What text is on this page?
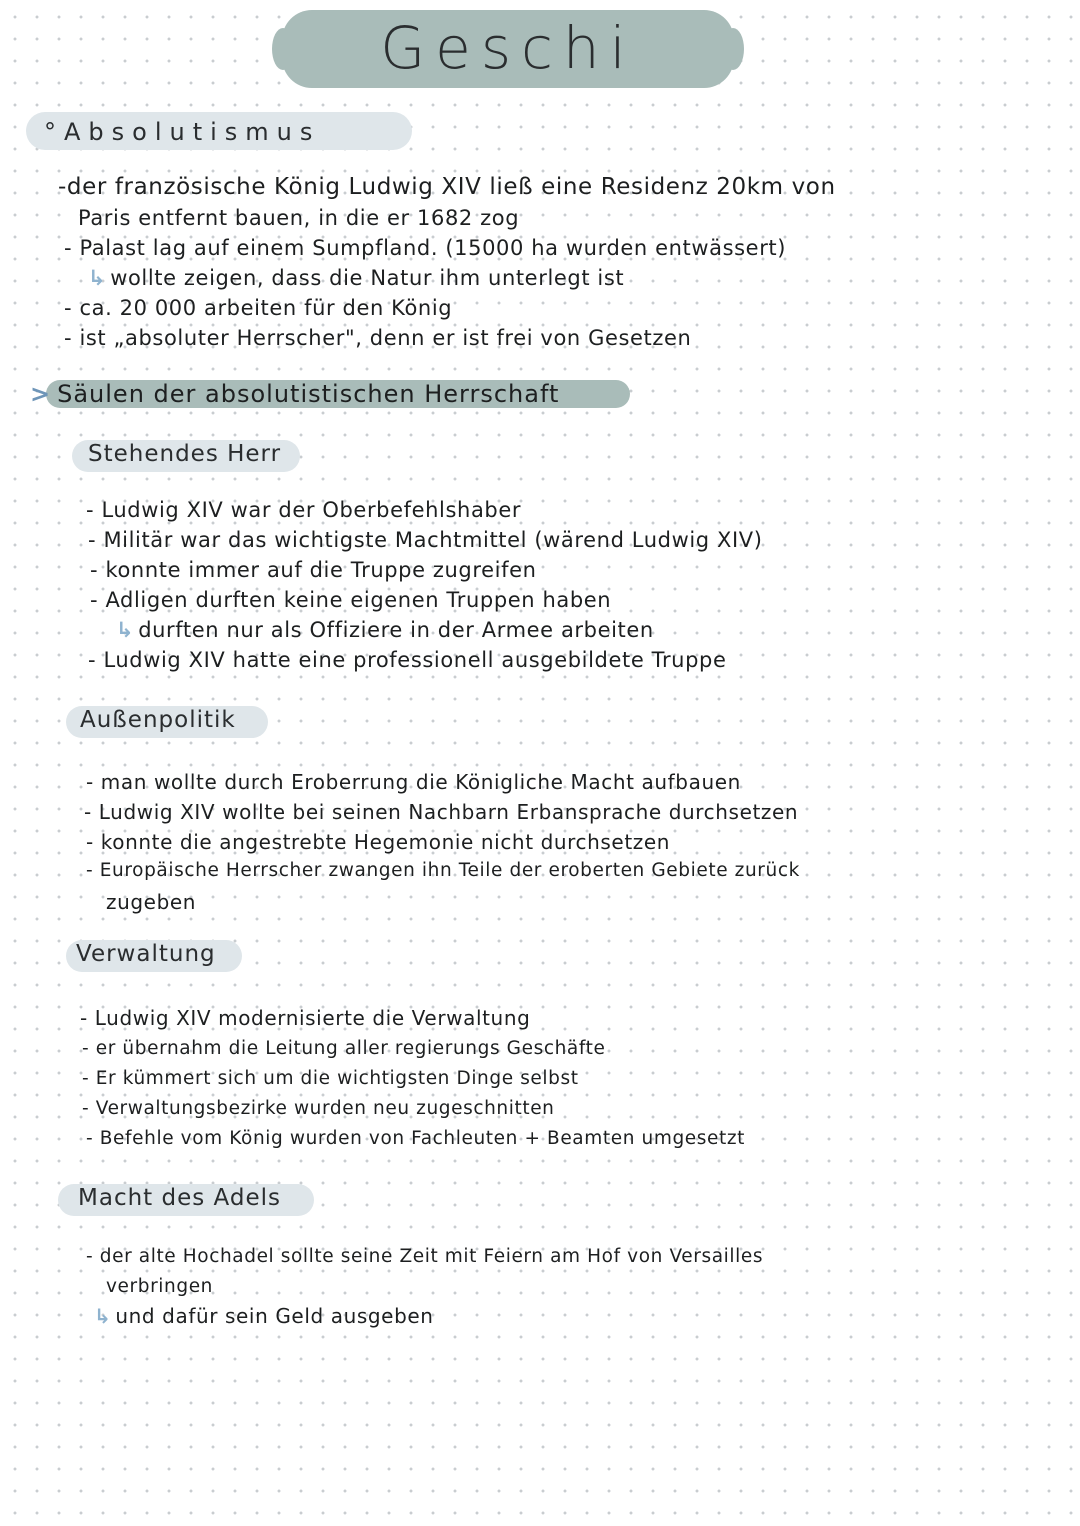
Geschi
°Absolutismus
-der französische König Ludwig XIV ließ eine Residenz 20km von
Paris entfernt bauen, in die er 1682 zog
- Palast lag auf einem Sumpfland. (15000 ha wurden entwässert)
↳ wollte zeigen, dass die Natur ihm unterlegt ist
- ca. 20 000 arbeiten für den König
- ist „absoluter Herrscher", denn er ist frei von Gesetzen
> Säulen der absolutistischen Herrschaft
Stehendes Herr
- Ludwig XIV war der Oberbefehlshaber
- Militär war das wichtigste Machtmittel (wärend Ludwig XIV)
- konnte immer auf die Truppe zugreifen
- Adligen durften keine eigenen Truppen haben
↳ durften nur als Offiziere in der Armee arbeiten
- Ludwig XIV hatte eine professionell ausgebildete Truppe
Außenpolitik
- man wollte durch Eroberrung die Königliche Macht aufbauen
- Ludwig XIV wollte bei seinen Nachbarn Erbansprache durchsetzen
- konnte die angestrebte Hegemonie nicht durchsetzen
- Europäische Herrscher zwangen ihn Teile der eroberten Gebiete zurück
zugeben
Verwaltung
- Ludwig XIV modernisierte die Verwaltung
- er übernahm die Leitung aller regierungs Geschäfte
- Er kümmert sich um die wichtigsten Dinge selbst
- Verwaltungsbezirke wurden neu zugeschnitten
- Befehle vom König wurden von Fachleuten + Beamten umgesetzt
Macht des Adels
- der alte Hochadel sollte seine Zeit mit Feiern am Hof von Versailles
verbringen
↳ und dafür sein Geld ausgeben
